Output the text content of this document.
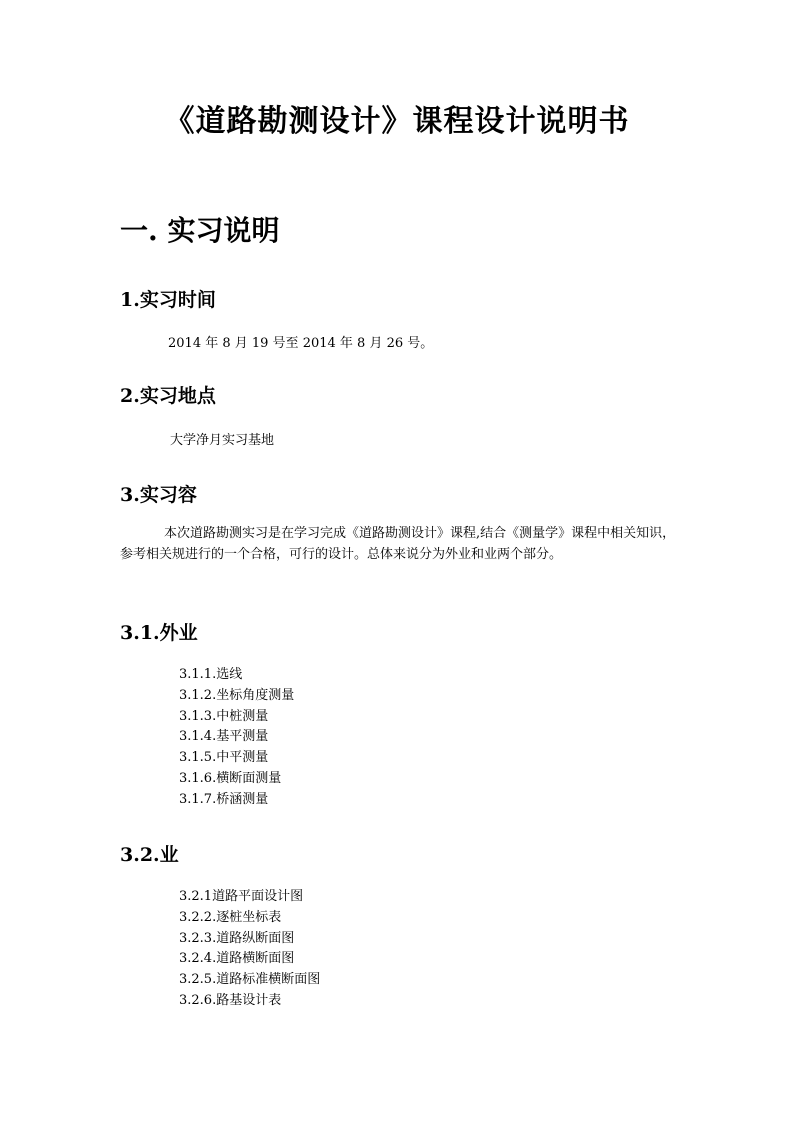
《道路勘测设计》课程设计说明书
一. 实习说明
1.实习时间
2014 年 8 月 19 号至 2014 年 8 月 26 号。
2.实习地点
大学净月实习基地
3.实习容
本次道路勘测实习是在学习完成《道路勘测设计》课程,结合《测量学》课程中相关知识，参考相关规进行的一个合格，可行的设计。总体来说分为外业和业两个部分。
3.1.外业
3.1.1.选线
3.1.2.坐标角度测量
3.1.3.中桩测量
3.1.4.基平测量
3.1.5.中平测量
3.1.6.横断面测量
3.1.7.桥涵测量
3.2.业
3.2.1道路平面设计图
3.2.2.逐桩坐标表
3.2.3.道路纵断面图
3.2.4.道路横断面图
3.2.5.道路标准横断面图
3.2.6.路基设计表
